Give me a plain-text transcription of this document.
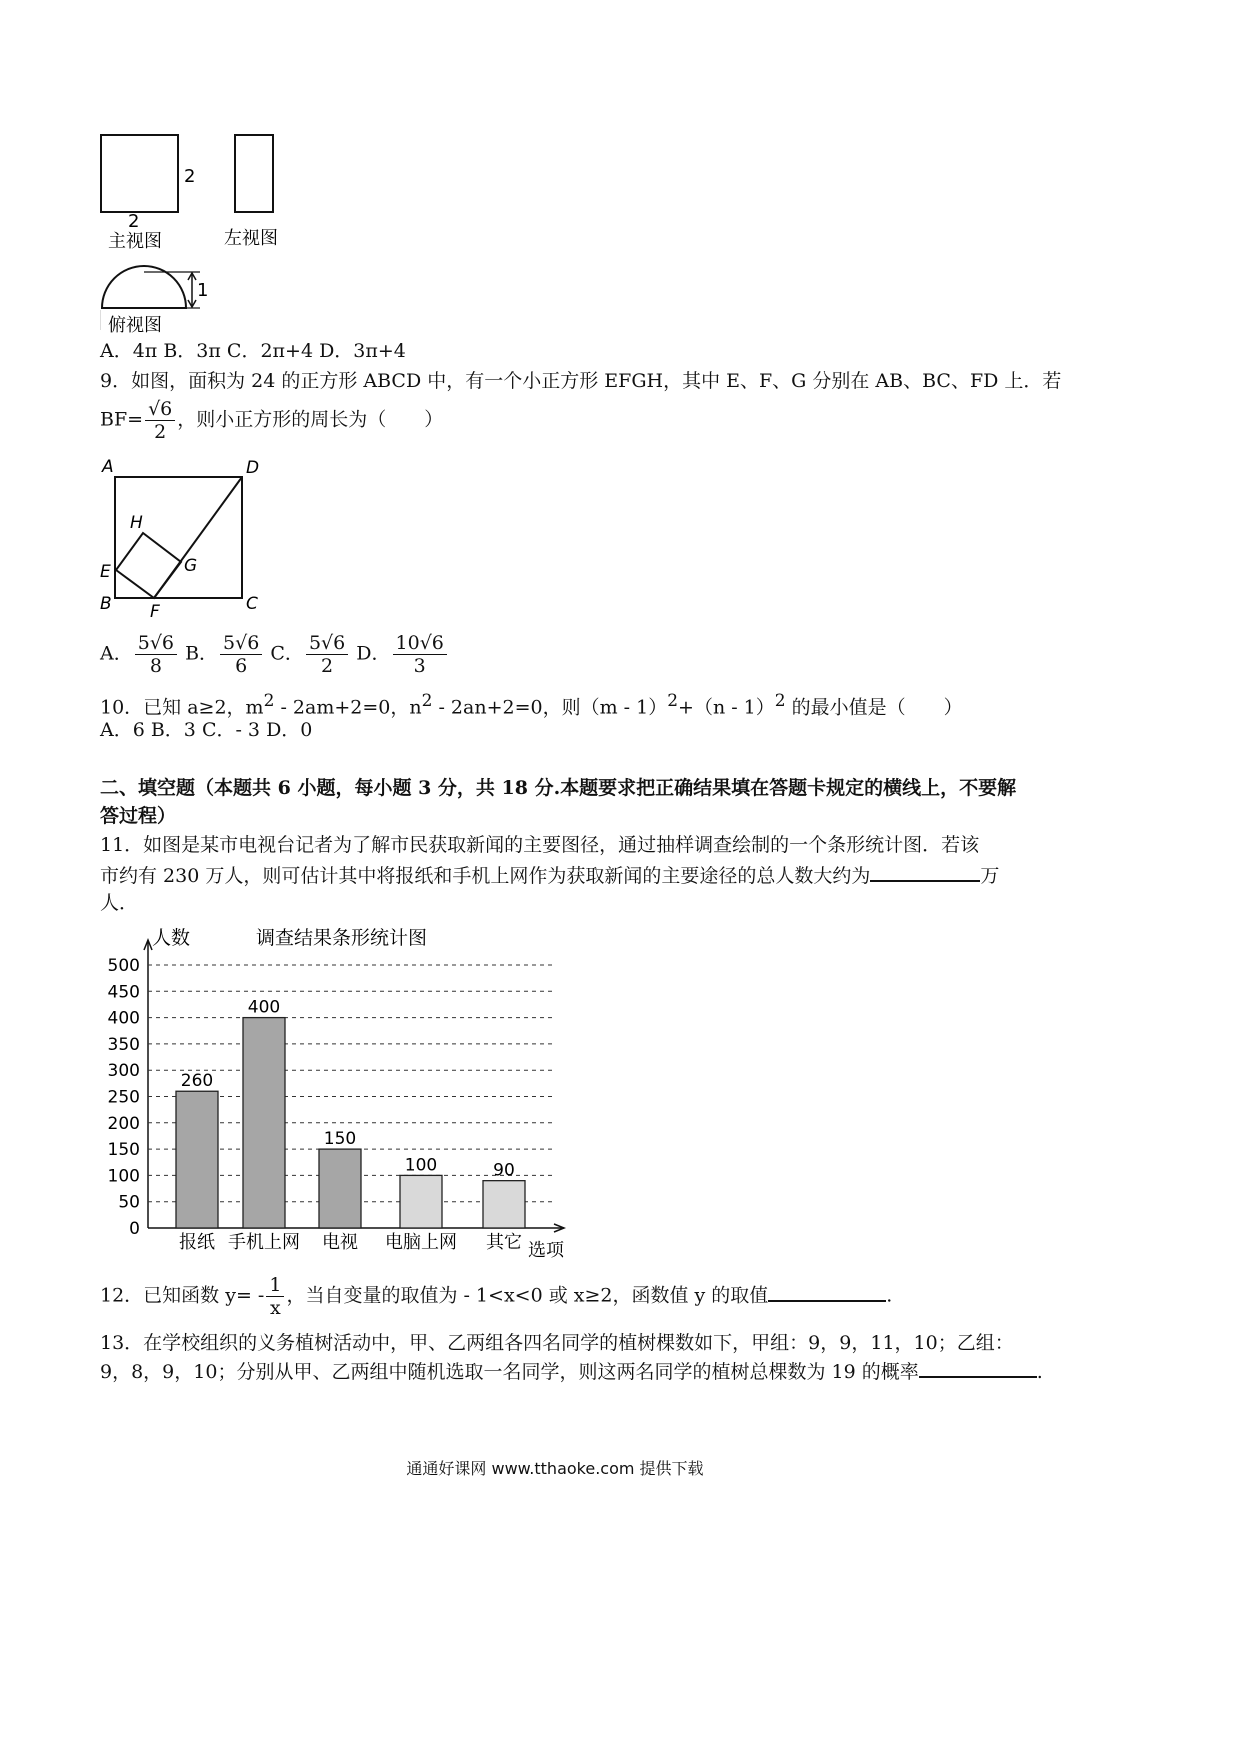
2
2
主视图	左视图
1
俯视图
A．4π B．3π C．2π+4 D．3π+4
9．如图，面积为 24 的正方形 ABCD 中，有一个小正方形 EFGH，其中 E、F、G 分别在 AB、BC、FD 上．若
$BF= \frac{√6}{2}$ ，则小正方形的周长为（　　）
A	D
H
G
E
B F	C
A． $\frac{5√6}{8}$ B． $\frac{5√6}{6}$ C． $\frac{5√6}{2}$ D． $\frac{10√6}{3}$
10．已知 a≥2，$m^2 - 2am+2=0$，$n^2 - 2an+2=0$，则（m - 1）$^2$+（n - 1）$^2$ 的最小值是（　　）
A．6 B．3 C．- 3 D．0
二、填空题（本题共 6 小题，每小题 3 分，共 18 分.本题要求把正确结果填在答题卡规定的横线上，不要解
答过程）
11．如图是某市电视台记者为了解市民获取新闻的主要图径，通过抽样调查绘制的一个条形统计图．若该
市约有 230 万人，则可估计其中将报纸和手机上网作为获取新闻的主要途径的总人数大约为	万
人．
人数	调查结果条形统计图
0
50
100
150
200
250
300
350
400
450
500
260
400
150
100	90
报纸 手机上网 电视 电脑上网 其它 选项
12．已知函数 $y= - \frac{1}{x}$ ，当自变量的取值为 - 1<x<0 或 x≥2，函数值 y 的取值	.
13．在学校组织的义务植树活动中，甲、乙两组各四名同学的植树棵数如下，甲组：9，9，11，10；乙组：
9，8，9，10；分别从甲、乙两组中随机选取一名同学，则这两名同学的植树总棵数为 19 的概率	.
通通好课网 www.tthaoke.com 提供下载
